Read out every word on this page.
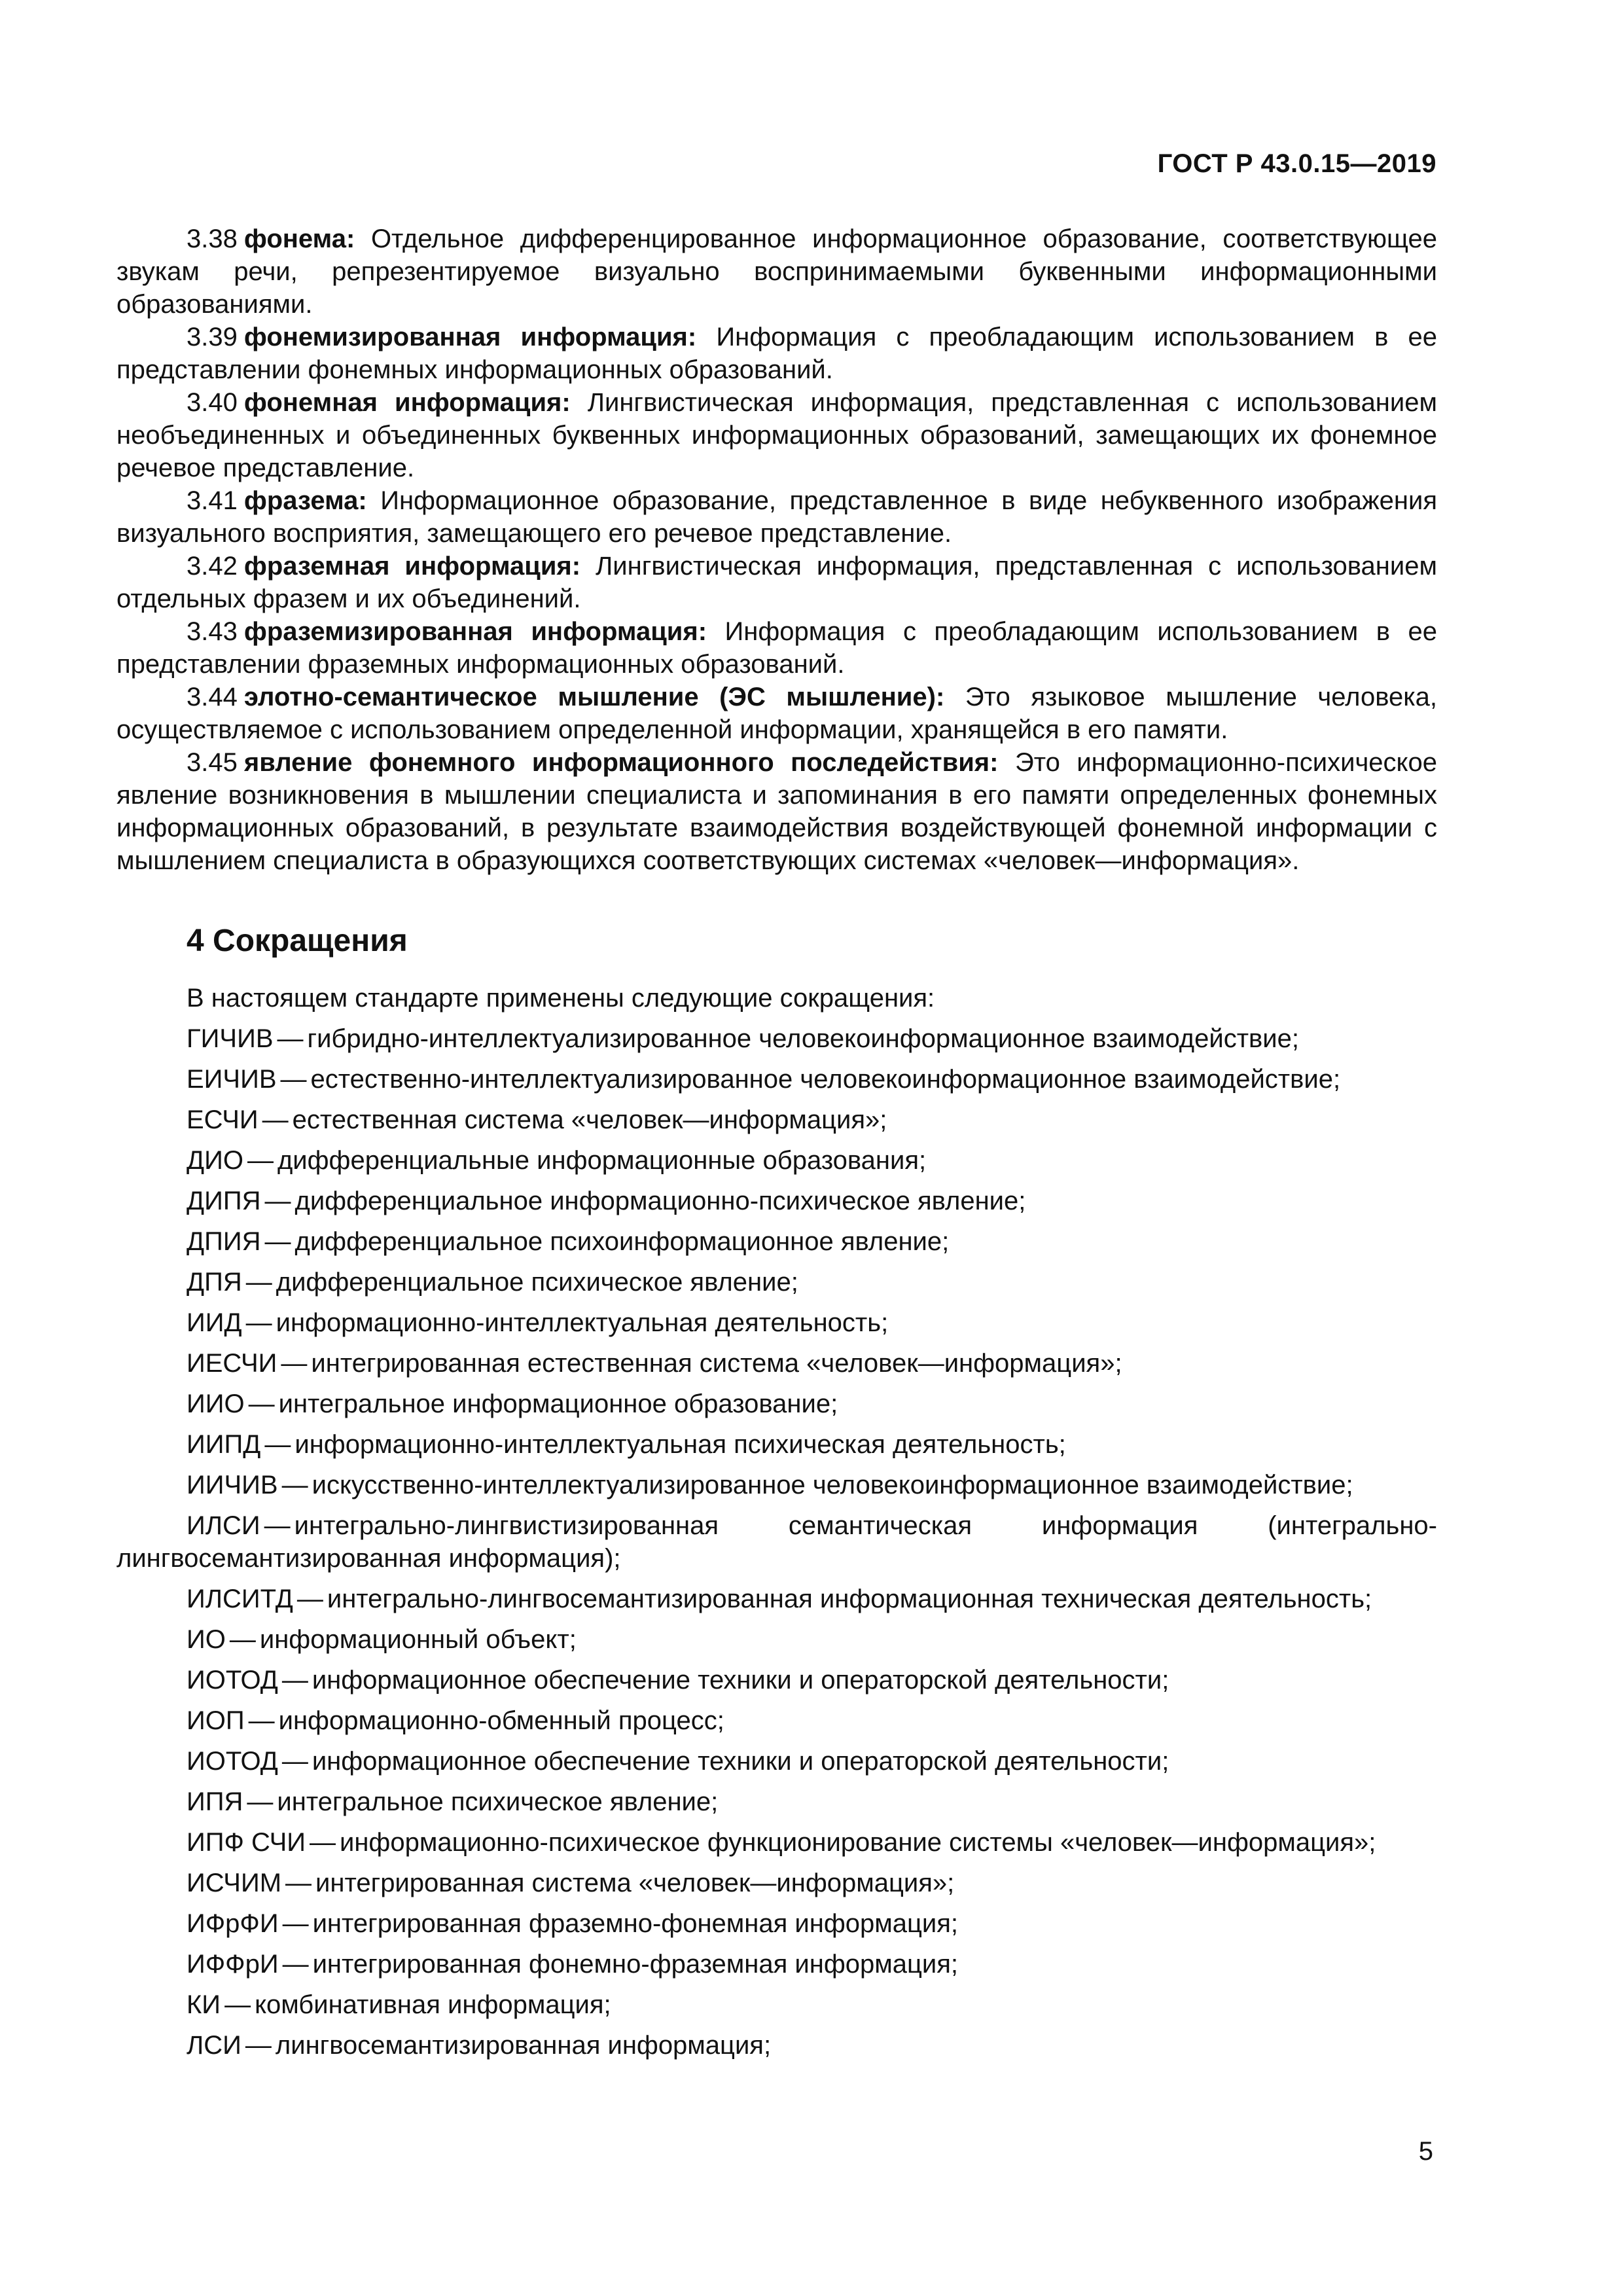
ГОСТ Р 43.0.15—2019

3.38 фонема: Отдельное дифференцированное информационное образование, соответствующее звукам речи, репрезентируемое визуально воспринимаемыми буквенными информационными образованиями.

3.39 фонемизированная информация: Информация с преобладающим использованием в ее представлении фонемных информационных образований.

3.40 фонемная информация: Лингвистическая информация, представленная с использованием необъединенных и объединенных буквенных информационных образований, замещающих их фонемное речевое представление.

3.41 фразема: Информационное образование, представленное в виде небуквенного изображения визуального восприятия, замещающего его речевое представление.

3.42 фраземная информация: Лингвистическая информация, представленная с использованием отдельных фразем и их объединений.

3.43 фраземизированная информация: Информация с преобладающим использованием в ее представлении фраземных информационных образований.

3.44 элотно-семантическое мышление (ЭС мышление): Это языковое мышление человека, осуществляемое с использованием определенной информации, хранящейся в его памяти.

3.45 явление фонемного информационного последействия: Это информационно-психическое явление возникновения в мышлении специалиста и запоминания в его памяти определенных фонемных информационных образований, в результате взаимодействия воздействующей фонемной информации с мышлением специалиста в образующихся соответствующих системах «человек—информация».

4 Сокращения

В настоящем стандарте применены следующие сокращения:

ГИЧИВ — гибридно-интеллектуализированное человекоинформационное взаимодействие;

ЕИЧИВ — естественно-интеллектуализированное человекоинформационное взаимодействие;

ЕСЧИ — естественная система «человек—информация»;

ДИО — дифференциальные информационные образования;

ДИПЯ — дифференциальное информационно-психическое явление;

ДПИЯ — дифференциальное психоинформационное явление;

ДПЯ — дифференциальное психическое явление;

ИИД — информационно-интеллектуальная деятельность;

ИЕСЧИ — интегрированная естественная система «человек—информация»;

ИИО — интегральное информационное образование;

ИИПД — информационно-интеллектуальная психическая деятельность;

ИИЧИВ — искусственно-интеллектуализированное человекоинформационное взаимодействие;

ИЛСИ — интегрально-лингвистизированная семантическая информация (интегрально-лингвосемантизированная информация);

ИЛСИТД — интегрально-лингвосемантизированная информационная техническая деятельность;

ИО — информационный объект;

ИОТОД — информационное обеспечение техники и операторской деятельности;

ИОП — информационно-обменный процесс;

ИОТОД — информационное обеспечение техники и операторской деятельности;

ИПЯ — интегральное психическое явление;

ИПФ СЧИ — информационно-психическое функционирование системы «человек—информация»;

ИСЧИМ — интегрированная система «человек—информация»;

ИФрФИ — интегрированная фраземно-фонемная информация;

ИФФрИ — интегрированная фонемно-фраземная информация;

КИ — комбинативная информация;

ЛСИ — лингвосемантизированная информация;

5
